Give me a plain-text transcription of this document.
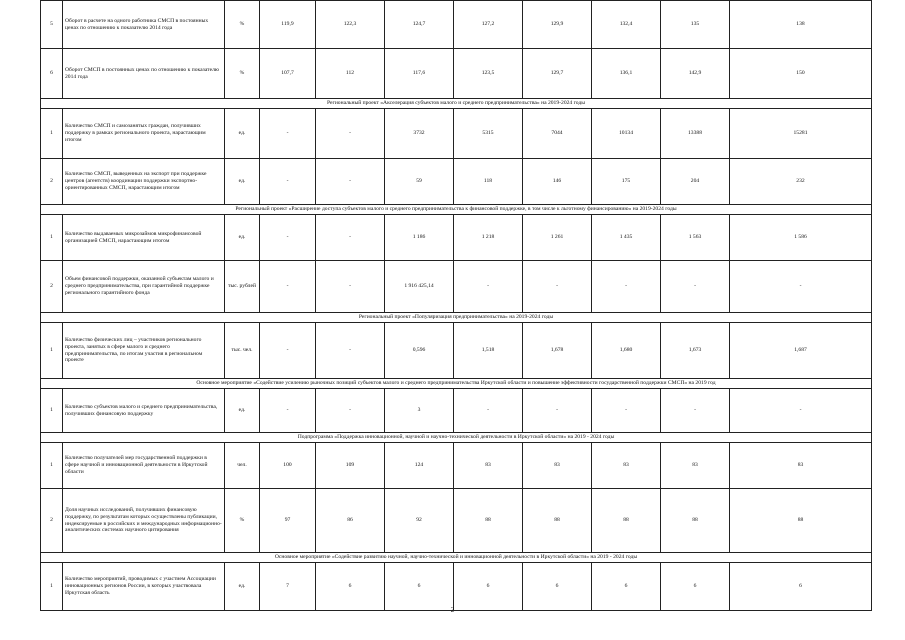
5	Оборот в расчете на одного работника СМСП в постоянных ценах по отношению к показателю 2014 года	%	119,9	122,3	124,7	127,2	129,9	132,4	135	138
6	Оборот СМСП в постоянных ценах по отношению к показателю 2014 года	%	107,7	112	117,6	123,5	129,7	136,1	142,9	150
Региональный проект «Акселерация субъектов малого и среднего предпринимательства» на 2019-2024 годы										
1	Количество СМСП и самозанятых граждан, получивших поддержку в рамках регионального проекта, нарастающим итогом	ед.	-	-	3732	5315	7044	10134	13388	15281
2	Количество СМСП, выведенных на экспорт при поддержке центров (агентств) координации поддержки экспортно-ориентированных СМСП, нарастающим итогом	ед.	-	-	59	118	146	175	204	232
Региональный проект «Расширение доступа субъектов малого и среднего предпринимательства к финансовой поддержке, в том числе к льготному финансированию» на 2019-2024 годы										
1	Количество выдаваемых микрозаймов микрофинансовой организацией СМСП, нарастающим итогом	ед.	-	-	1 186	1 218	1 261	1 435	1 563	1 586
2	Объем финансовой поддержки, оказанной субъектам малого и среднего предпринимательства, при гарантийной поддержке регионального гарантийного фонда	тыс. рублей	-	-	1 916 425,14	-	-	-	-	-
Региональный проект «Популяризация предпринимательства» на 2019-2024 годы										
1	Количество физических лиц – участников регионального проекта, занятых в сфере малого и среднего предпринимательства, по итогам участия в региональном проекте	тыс. чел.	-	-	0,596	1,518	1,678	1,680	1,673	1,687
Основное мероприятие «Содействие усилению рыночных позиций субъектов малого и среднего предпринимательства Иркутской области и повышение эффективности государственной поддержки СМСП» на 2019 год										
1	Количество субъектов малого и среднего предпринимательства, получивших финансовую поддержку	ед.	-	-	3	-	-	-	-	-
Подпрограмма «Поддержка инновационной, научной и научно-технической деятельности в Иркутской области» на 2019 - 2024 годы										
1	Количество получателей мер государственной поддержки в сфере научной и инновационной деятельности в Иркутской области	чел.	100	109	124	83	83	83	83	83
2	Доля научных исследований, получивших финансовую поддержку, по результатам которых осуществлены публикации, индексируемые в российских и международных информационно-аналитических системах научного цитирования	%	97	86	92	88	88	88	88	88
Основное мероприятие «Содействие развитию научной, научно-технической и инновационной деятельности в Иркутской области» на 2019 - 2024 годы										
1	Количество мероприятий, проводимых с участием Ассоциации инновационных регионов России, в которых участвовала Иркутская область	ед.	7	6	6	6	6	6	6	6
2
